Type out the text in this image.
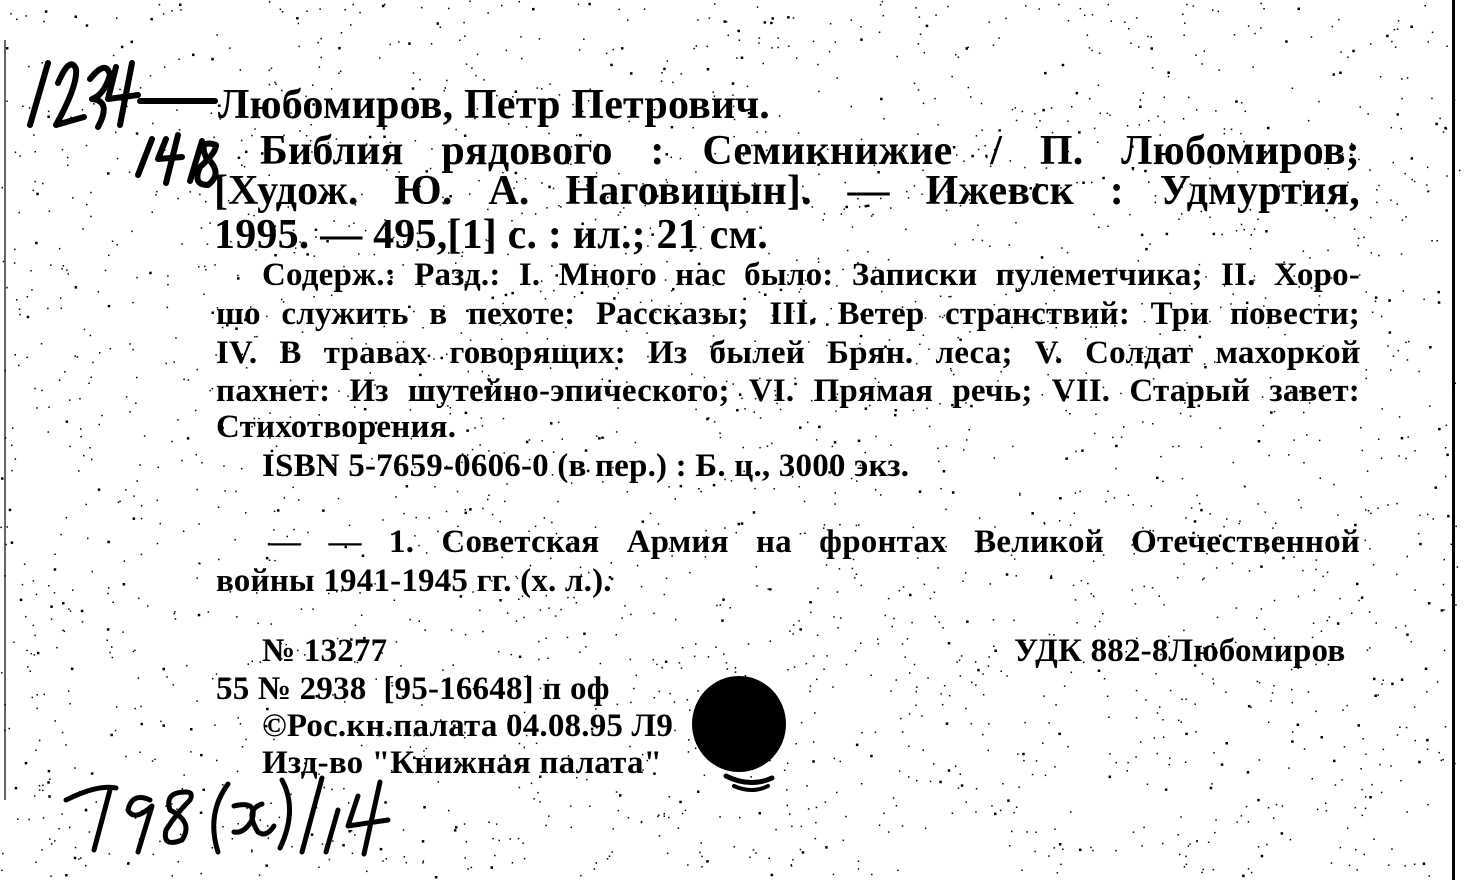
Любомиров, Петр Петрович.
Библия рядового : Семикнижие / П. Любомиров;
[Худож. Ю. А. Наговицын]. — Ижевск : Удмуртия,
1995. — 495,[1] с. : ил.; 21 см.
Содерж.: Разд.: I. Много нас было: Записки пулеметчика; II. Хоро-
шо служить в пехоте: Рассказы; III. Ветер странствий: Три повести;
IV. В травах говорящих: Из былей Брян. леса; V. Солдат махоркой
пахнет: Из шутейно-эпического; VI. Прямая речь; VII. Старый завет:
Стихотворения.
ISBN 5-7659-0606-0 (в пер.) : Б. ц., 3000 экз.
— — 1. Советская Армия на фронтах Великой Отечественной
войны 1941-1945 гг. (х. л.).
№ 13277	УДК 882-8Любомиров
55 № 2938  [95-16648] п оф
©Рос.кн.палата 04.08.95 Л9
Изд-во "Книжная палата"
